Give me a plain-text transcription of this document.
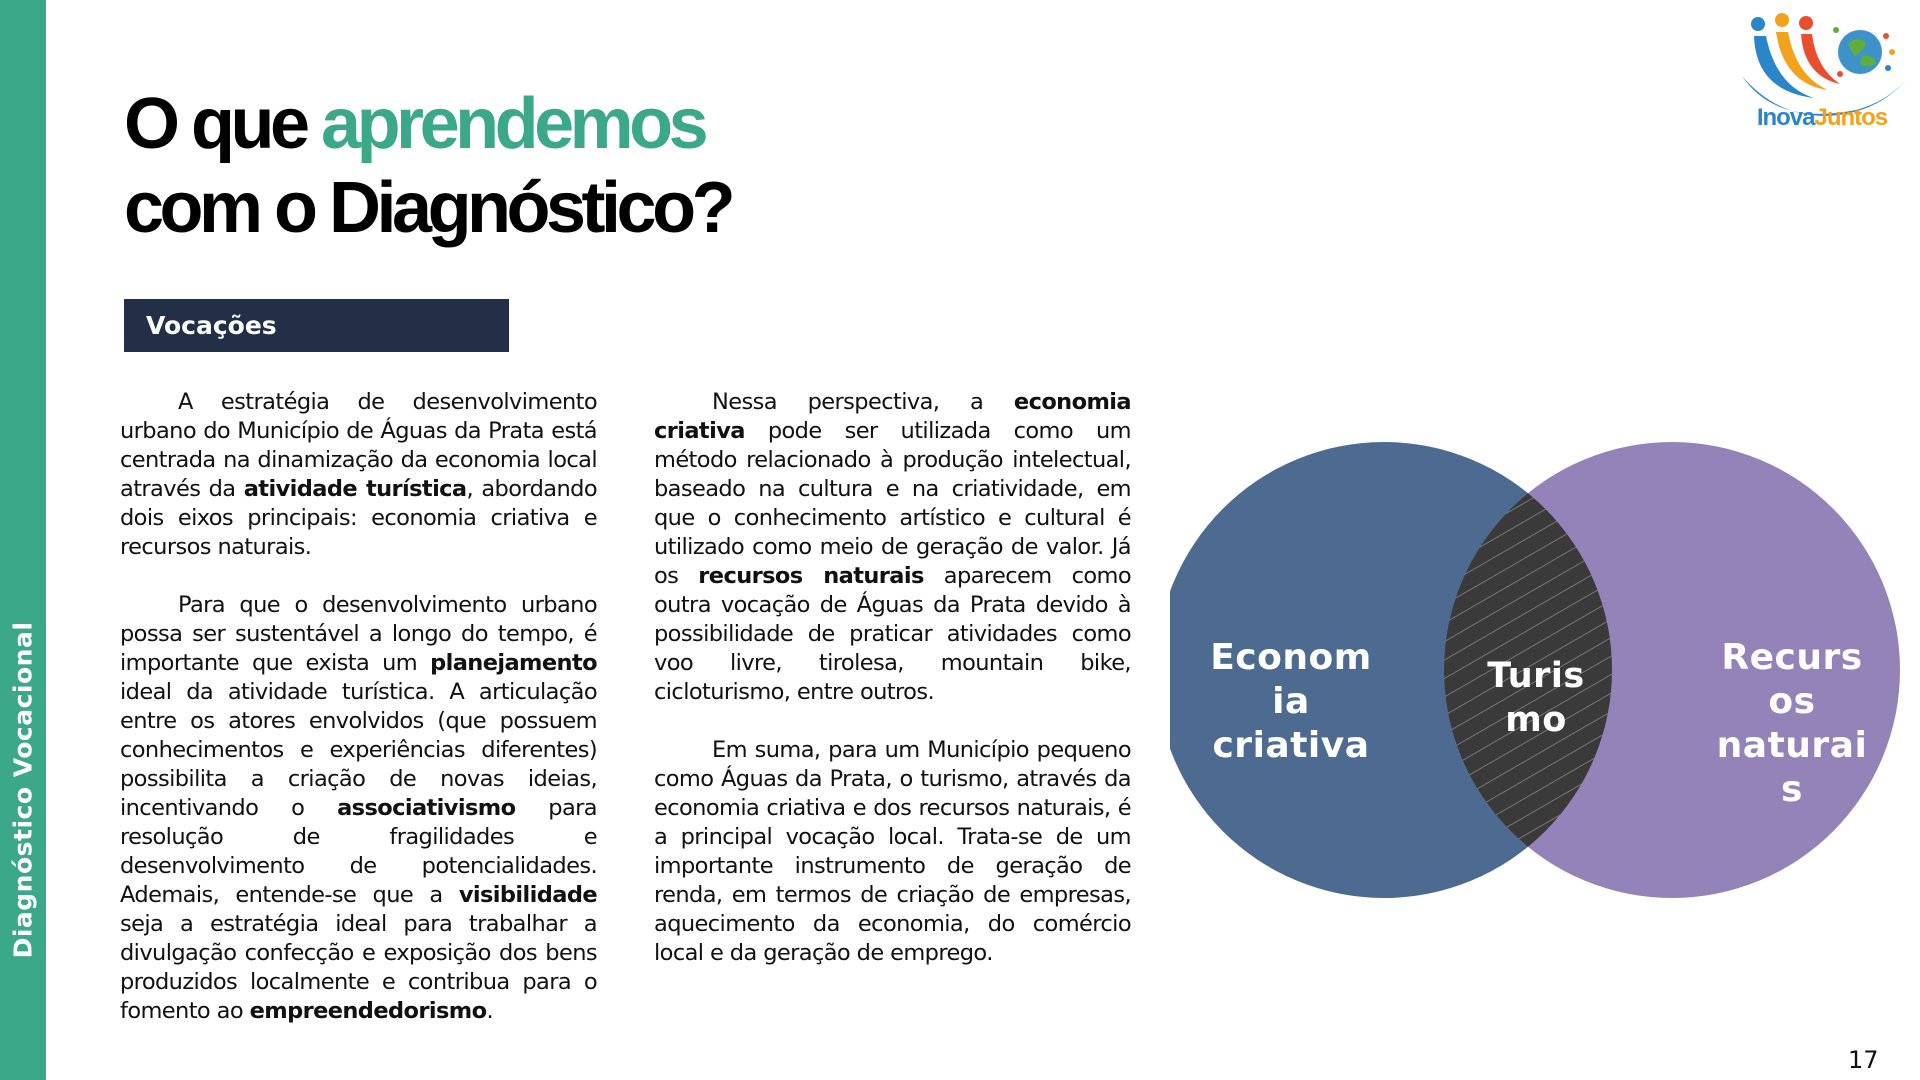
Diagnóstico Vocacional
O que aprendemos
com o Diagnóstico?
InovaJuntos
Vocações

A estratégia de desenvolvimento urbano do Município de Águas da Prata está centrada na dinamização da economia local através da atividade turística, abordando dois eixos principais: economia criativa e recursos naturais.

Para que o desenvolvimento urbano possa ser sustentável a longo do tempo, é importante que exista um planejamento ideal da atividade turística. A articulação entre os atores envolvidos (que possuem conhecimentos e experiências diferentes) possibilita a criação de novas ideias, incentivando o associativismo para resolução de fragilidades e desenvolvimento de potencialidades. Ademais, entende-se que a visibilidade seja a estratégia ideal para trabalhar a divulgação confecção e exposição dos bens produzidos localmente e contribua para o fomento ao empreendedorismo.

Nessa perspectiva, a economia criativa pode ser utilizada como um método relacionado à produção intelectual, baseado na cultura e na criatividade, em que o conhecimento artístico e cultural é utilizado como meio de geração de valor. Já os recursos naturais aparecem como outra vocação de Águas da Prata devido à possibilidade de praticar atividades como voo livre, tirolesa, mountain bike, cicloturismo, entre outros.

Em suma, para um Município pequeno como Águas da Prata, o turismo, através da economia criativa e dos recursos naturais, é a principal vocação local. Trata-se de um importante instrumento de geração de renda, em termos de criação de empresas, aquecimento da economia, do comércio local e da geração de emprego.

Econom
ia
criativa
Turis
mo
Recurs
os
naturai
s
17
